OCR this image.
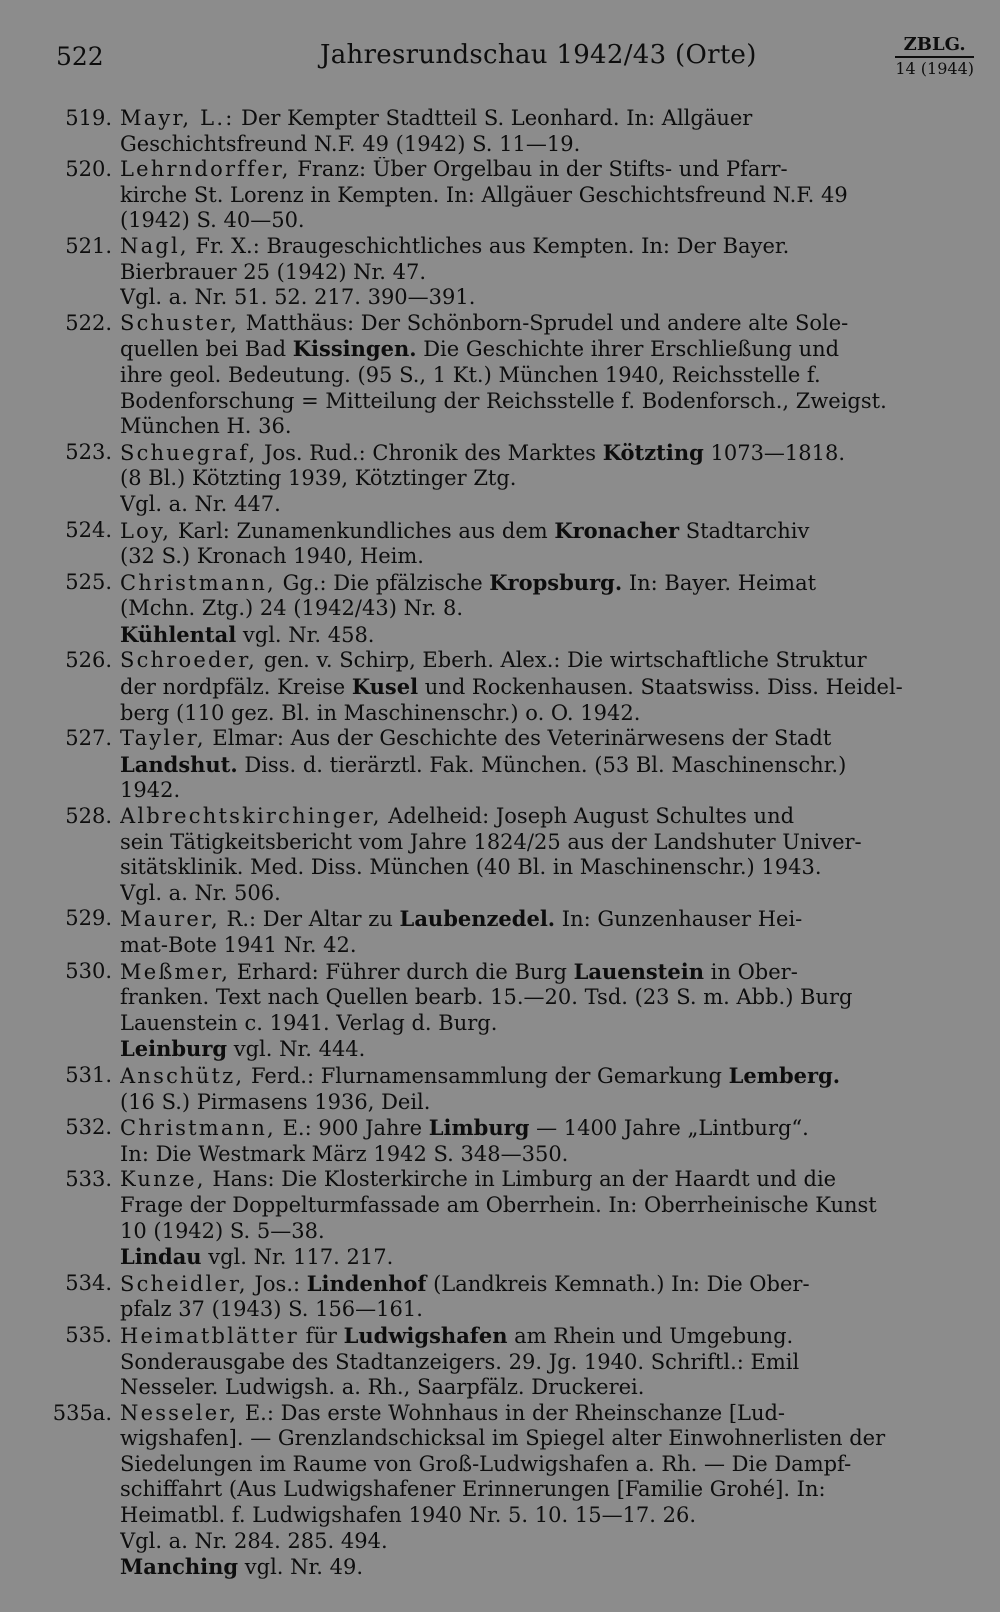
522	Jahresrundschau 1942/43 (Orte)	ZBLG.
14 (1944)
519. Mayr, L.: Der Kempter Stadtteil S. Leonhard. In: Allgäuer
Geschichtsfreund N.F. 49 (1942) S. 11—19.
520. Lehrndorffer, Franz: Über Orgelbau in der Stifts- und Pfarr-
kirche St. Lorenz in Kempten. In: Allgäuer Geschichtsfreund N.F. 49
(1942) S. 40—50.
521. Nagl, Fr. X.: Braugeschichtliches aus Kempten. In: Der Bayer.
Bierbrauer 25 (1942) Nr. 47.
Vgl. a. Nr. 51. 52. 217. 390—391.
522. Schuster, Matthäus: Der Schönborn-Sprudel und andere alte Sole-
quellen bei Bad Kissingen. Die Geschichte ihrer Erschließung und
ihre geol. Bedeutung. (95 S., 1 Kt.) München 1940, Reichsstelle f.
Bodenforschung = Mitteilung der Reichsstelle f. Bodenforsch., Zweigst.
München H. 36.
523. Schuegraf, Jos. Rud.: Chronik des Marktes Kötzting 1073—1818.
(8 Bl.) Kötzting 1939, Kötztinger Ztg.
Vgl. a. Nr. 447.
524. Loy, Karl: Zunamenkundliches aus dem Kronacher Stadtarchiv
(32 S.) Kronach 1940, Heim.
525. Christmann, Gg.: Die pfälzische Kropsburg. In: Bayer. Heimat
(Mchn. Ztg.) 24 (1942/43) Nr. 8.
Kühlental vgl. Nr. 458.
526. Schroeder, gen. v. Schirp, Eberh. Alex.: Die wirtschaftliche Struktur
der nordpfälz. Kreise Kusel und Rockenhausen. Staatswiss. Diss. Heidel-
berg (110 gez. Bl. in Maschinenschr.) o. O. 1942.
527. Tayler, Elmar: Aus der Geschichte des Veterinärwesens der Stadt
Landshut. Diss. d. tierärztl. Fak. München. (53 Bl. Maschinenschr.)
1942.
528. Albrechtskirchinger, Adelheid: Joseph August Schultes und
sein Tätigkeitsbericht vom Jahre 1824/25 aus der Landshuter Univer-
sitätsklinik. Med. Diss. München (40 Bl. in Maschinenschr.) 1943.
Vgl. a. Nr. 506.
529. Maurer, R.: Der Altar zu Laubenzedel. In: Gunzenhauser Hei-
mat-Bote 1941 Nr. 42.
530. Meßmer, Erhard: Führer durch die Burg Lauenstein in Ober-
franken. Text nach Quellen bearb. 15.—20. Tsd. (23 S. m. Abb.) Burg
Lauenstein c. 1941. Verlag d. Burg.
Leinburg vgl. Nr. 444.
531. Anschütz, Ferd.: Flurnamensammlung der Gemarkung Lemberg.
(16 S.) Pirmasens 1936, Deil.
532. Christmann, E.: 900 Jahre Limburg — 1400 Jahre „Lintburg“.
In: Die Westmark März 1942 S. 348—350.
533. Kunze, Hans: Die Klosterkirche in Limburg an der Haardt und die
Frage der Doppelturmfassade am Oberrhein. In: Oberrheinische Kunst
10 (1942) S. 5—38.
Lindau vgl. Nr. 117. 217.
534. Scheidler, Jos.: Lindenhof (Landkreis Kemnath.) In: Die Ober-
pfalz 37 (1943) S. 156—161.
535. Heimatblätter für Ludwigshafen am Rhein und Umgebung.
Sonderausgabe des Stadtanzeigers. 29. Jg. 1940. Schriftl.: Emil
Nesseler. Ludwigsh. a. Rh., Saarpfälz. Druckerei.
535a. Nesseler, E.: Das erste Wohnhaus in der Rheinschanze [Lud-
wigshafen]. — Grenzlandschicksal im Spiegel alter Einwohnerlisten der
Siedelungen im Raume von Groß-Ludwigshafen a. Rh. — Die Dampf-
schiffahrt (Aus Ludwigshafener Erinnerungen [Familie Grohé]. In:
Heimatbl. f. Ludwigshafen 1940 Nr. 5. 10. 15—17. 26.
Vgl. a. Nr. 284. 285. 494.
Manching vgl. Nr. 49.
